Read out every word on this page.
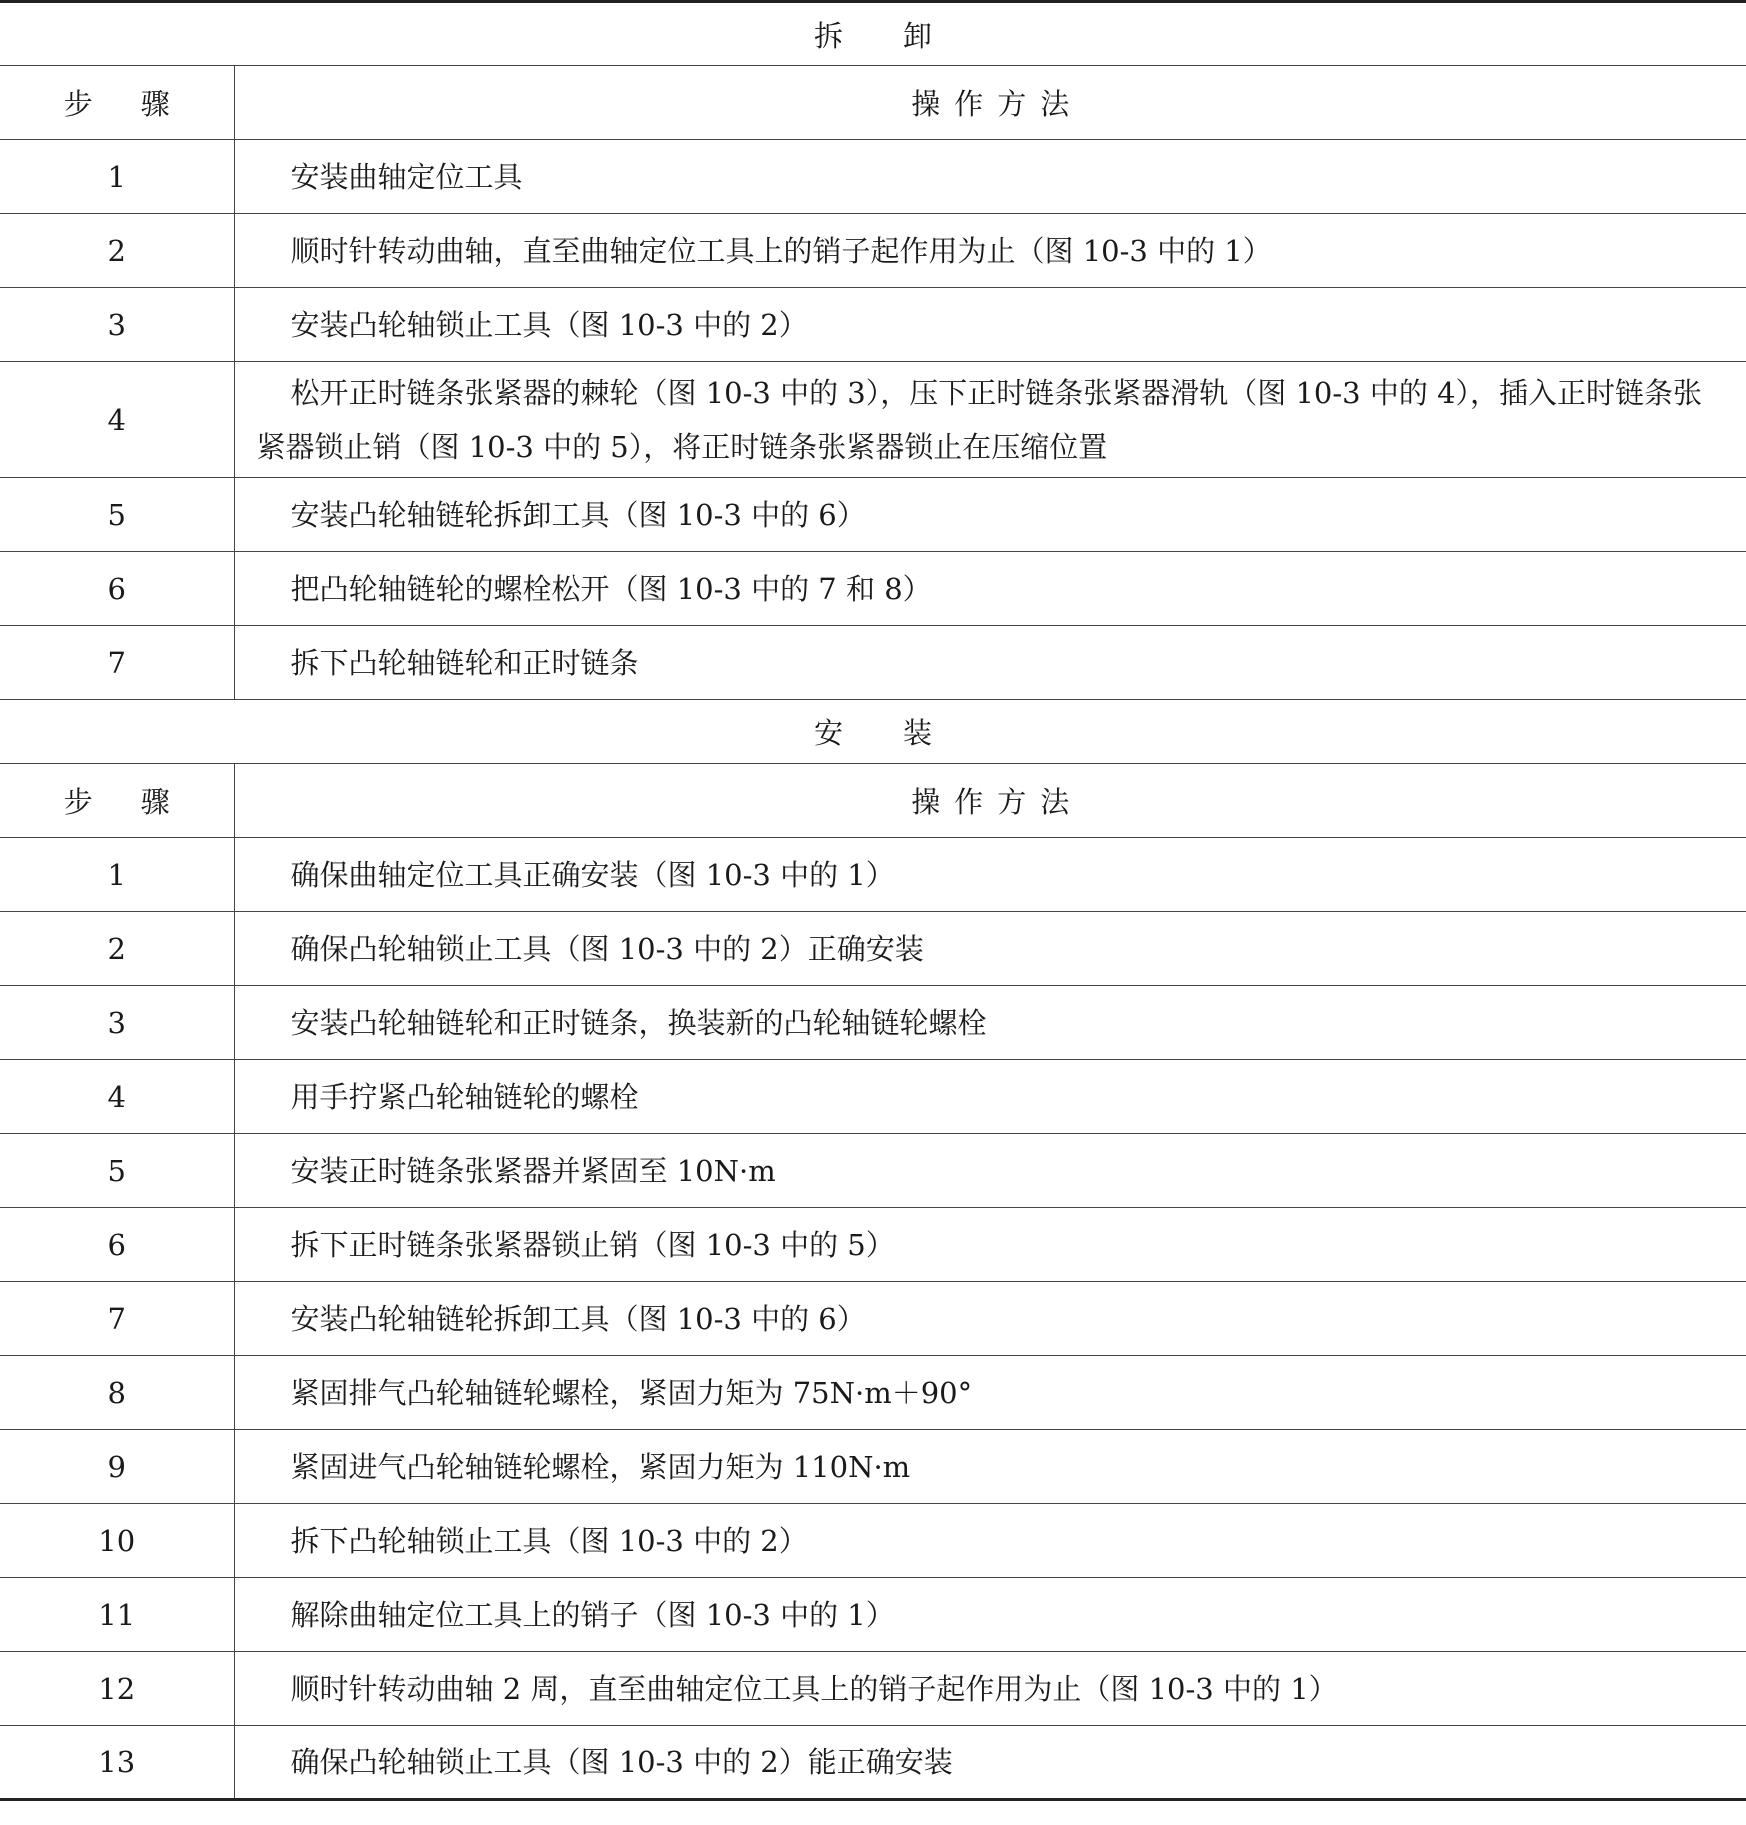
拆卸	
步骤	操作方法
1	安装曲轴定位工具
2	顺时针转动曲轴，直至曲轴定位工具上的销子起作用为止（图 10-3 中的 1）
3	安装凸轮轴锁止工具（图 10-3 中的 2）
4	松开正时链条张紧器的棘轮（图 10-3 中的 3），压下正时链条张紧器滑轨（图 10-3 中的 4），插入正时链条张紧器锁止销（图 10-3 中的 5），将正时链条张紧器锁止在压缩位置
5	安装凸轮轴链轮拆卸工具（图 10-3 中的 6）
6	把凸轮轴链轮的螺栓松开（图 10-3 中的 7 和 8）
7	拆下凸轮轴链轮和正时链条
安装	
步骤	操作方法
1	确保曲轴定位工具正确安装（图 10-3 中的 1）
2	确保凸轮轴锁止工具（图 10-3 中的 2）正确安装
3	安装凸轮轴链轮和正时链条，换装新的凸轮轴链轮螺栓
4	用手拧紧凸轮轴链轮的螺栓
5	安装正时链条张紧器并紧固至 10N·m
6	拆下正时链条张紧器锁止销（图 10-3 中的 5）
7	安装凸轮轴链轮拆卸工具（图 10-3 中的 6）
8	紧固排气凸轮轴链轮螺栓，紧固力矩为 75N·m＋90°
9	紧固进气凸轮轴链轮螺栓，紧固力矩为 110N·m
10	拆下凸轮轴锁止工具（图 10-3 中的 2）
11	解除曲轴定位工具上的销子（图 10-3 中的 1）
12	顺时针转动曲轴 2 周，直至曲轴定位工具上的销子起作用为止（图 10-3 中的 1）
13	确保凸轮轴锁止工具（图 10-3 中的 2）能正确安装
